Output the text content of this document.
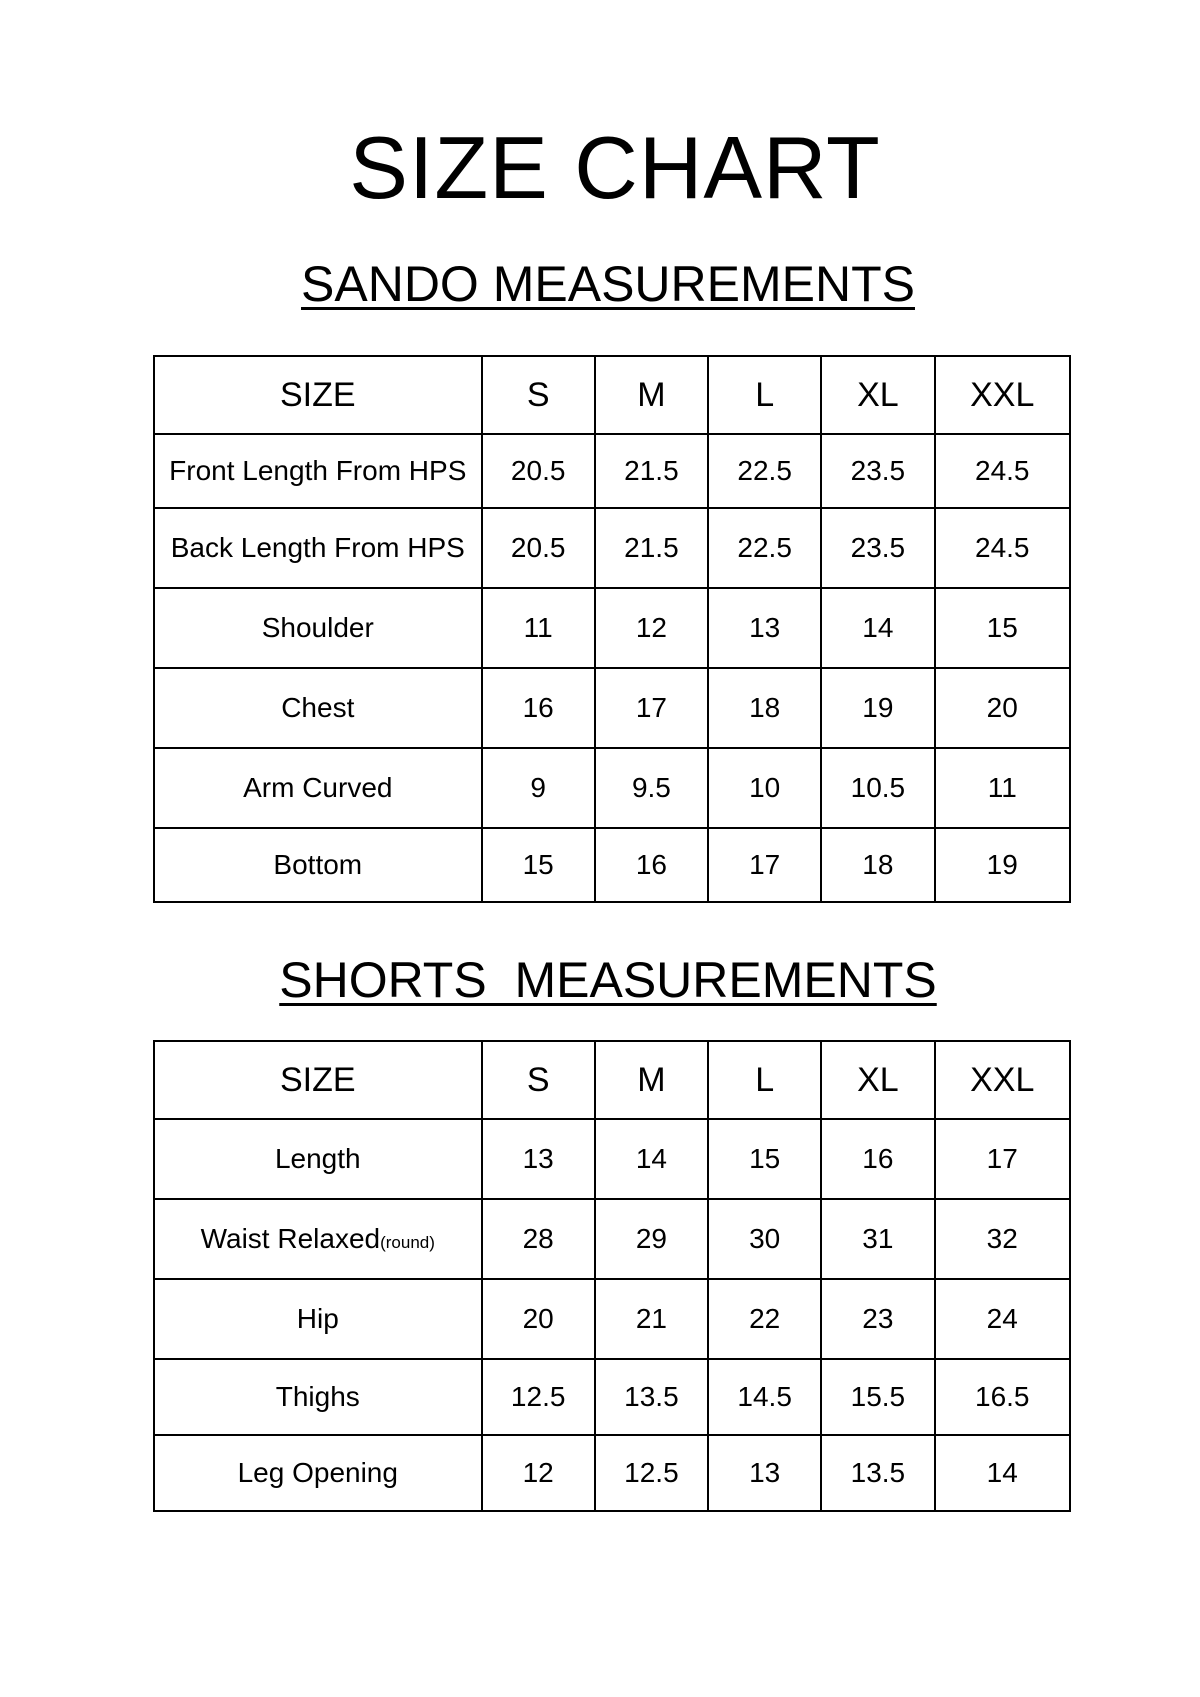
SIZE CHART
SANDO MEASUREMENTS
SIZE	S	M	L	XL	XXL
Front Length From HPS	20.5	21.5	22.5	23.5	24.5
Back Length From HPS	20.5	21.5	22.5	23.5	24.5
Shoulder	11	12	13	14	15
Chest	16	17	18	19	20
Arm Curved	9	9.5	10	10.5	11
Bottom	15	16	17	18	19
SHORTS  MEASUREMENTS
SIZE	S	M	L	XL	XXL
Length	13	14	15	16	17
Waist Relaxed(round)	28	29	30	31	32
Hip	20	21	22	23	24
Thighs	12.5	13.5	14.5	15.5	16.5
Leg Opening	12	12.5	13	13.5	14
